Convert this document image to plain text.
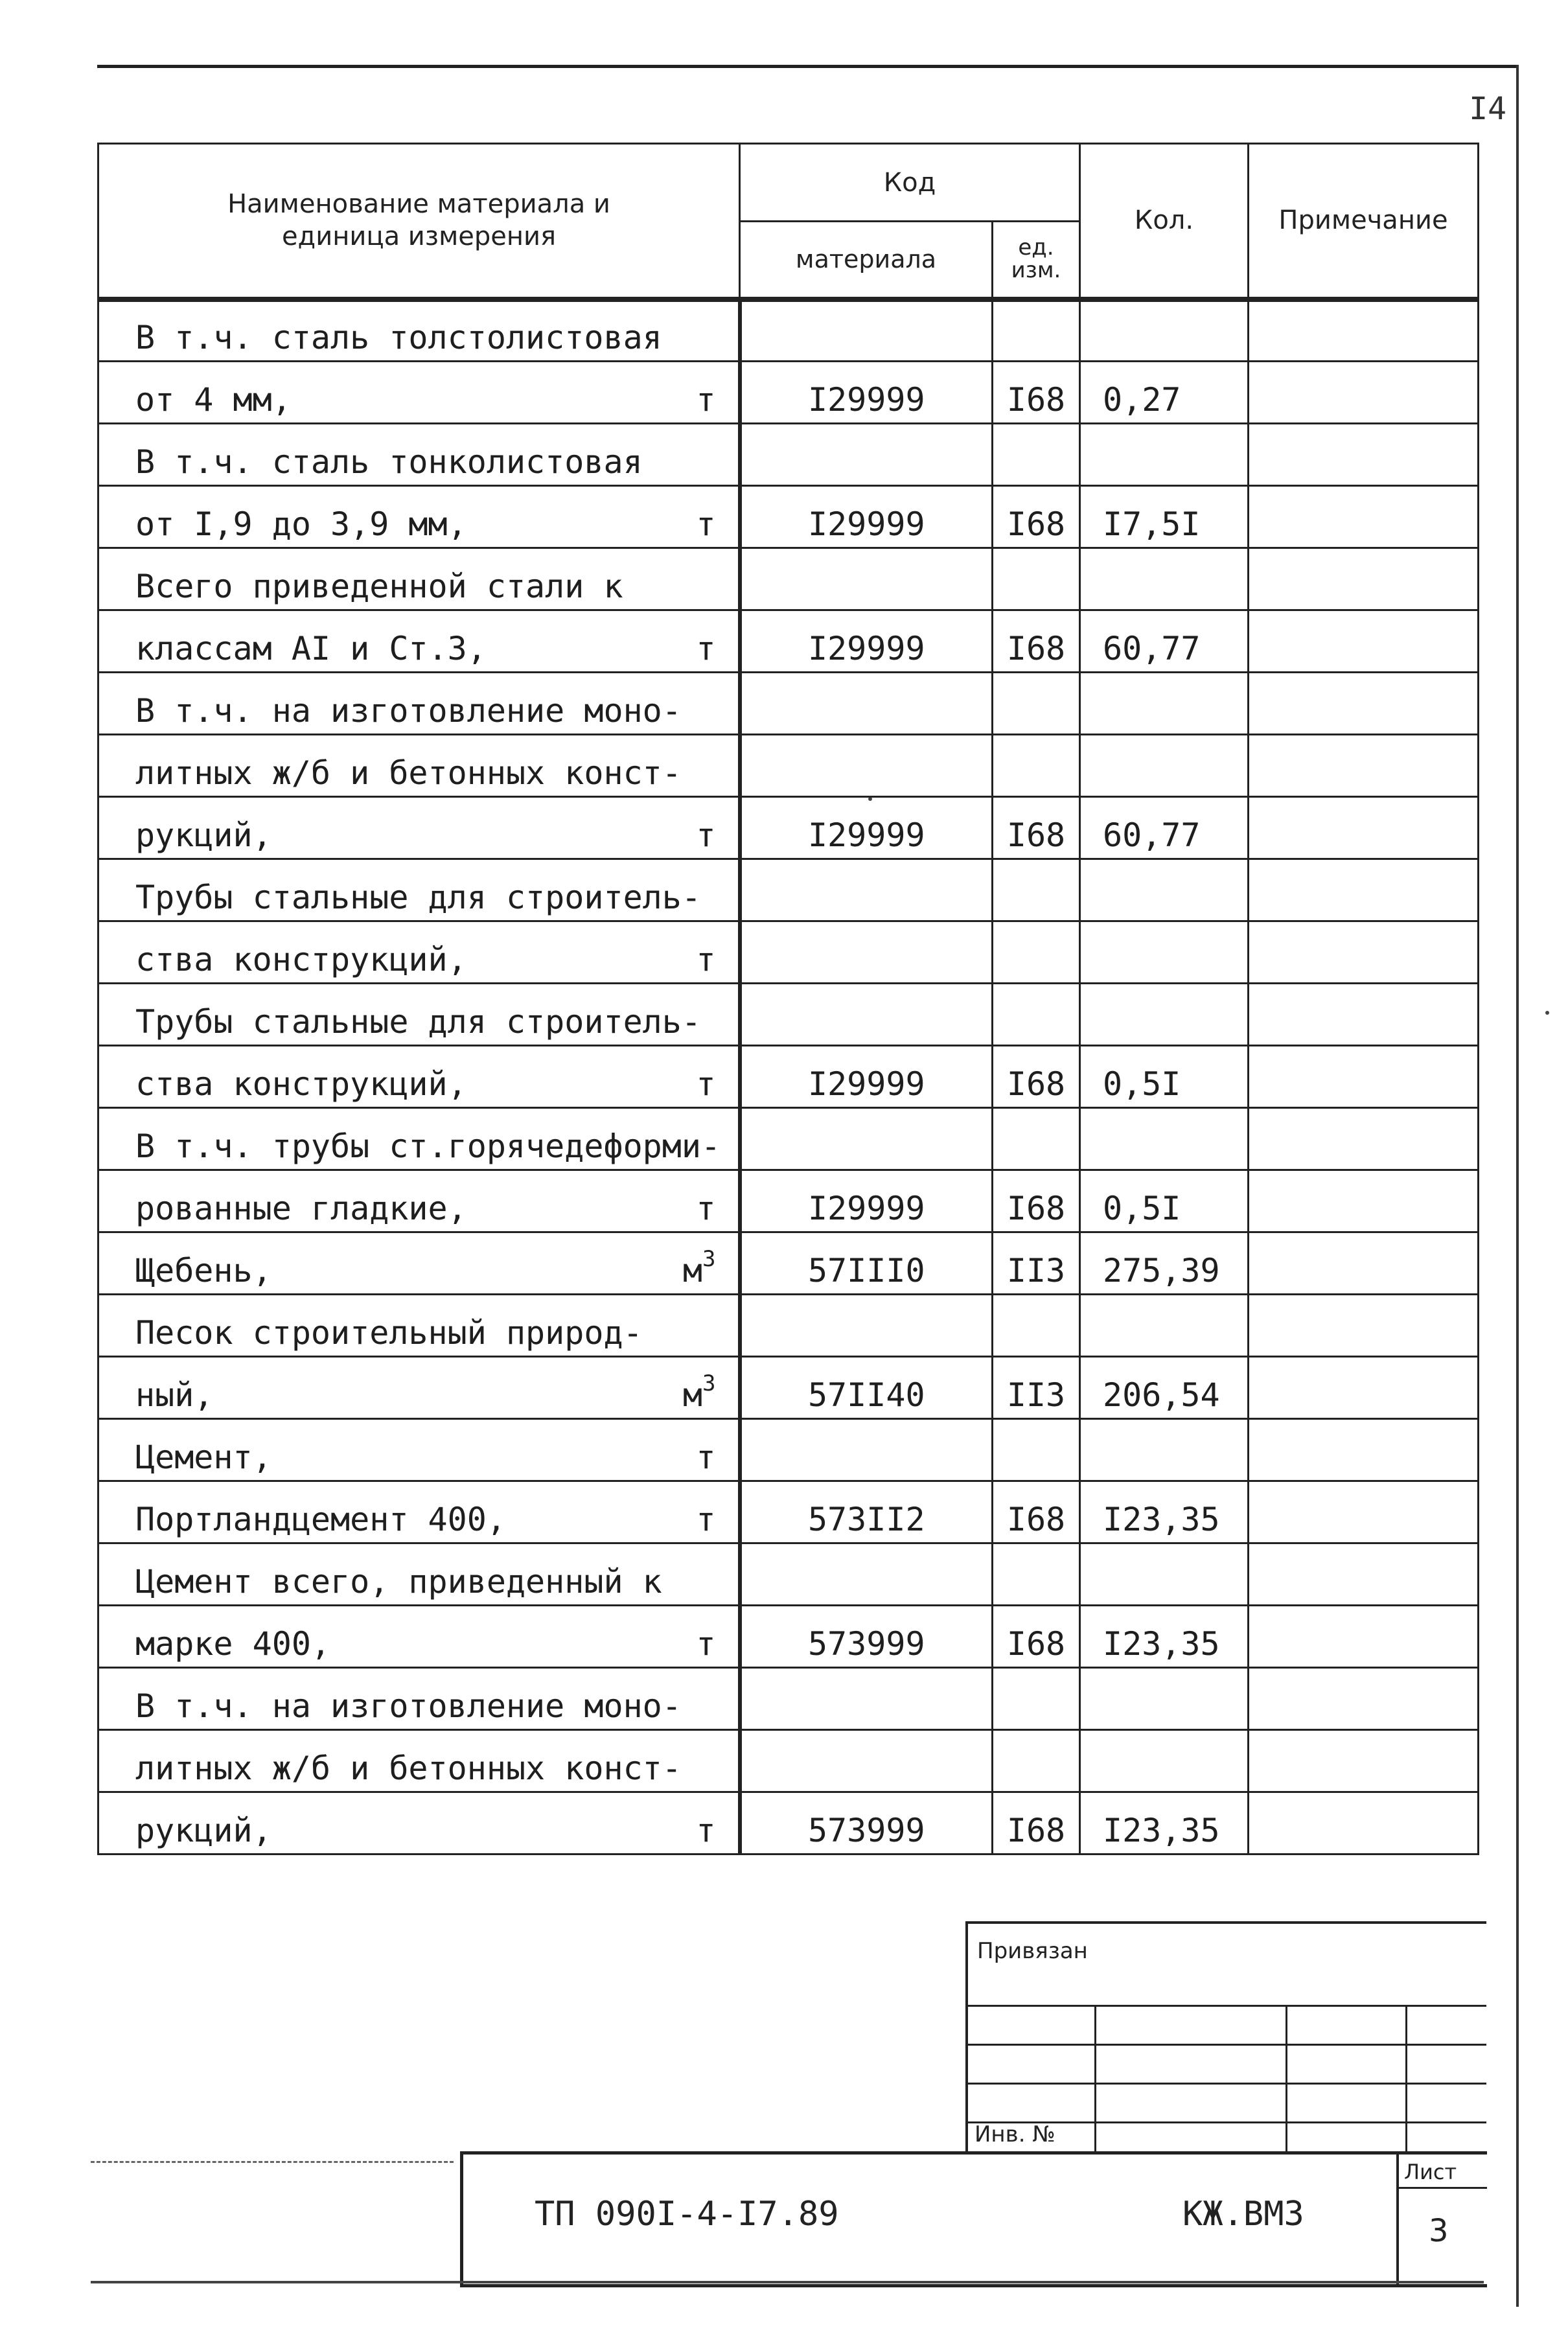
I4
Наименование материала и единица измерения	Код		Кол.	Примечание
	материала	ед. изм.		
В т.ч. сталь толстолистовая				
от 4 мм, т	I29999	I68	0,27	
В т.ч. сталь тонколистовая				
от I,9 до 3,9 мм, т	I29999	I68	I7,5I	
Всего приведенной стали к				
классам AI и Ст.3, т	I29999	I68	60,77	
В т.ч. на изготовление моно-				
литных ж/б и бетонных конст-				
рукций, т	I29999	I68	60,77	
Трубы стальные для строитель-				
ства конструкций, т				

Трубы стальные для строитель-				
ства конструкций, т	I29999	I68	0,5I	
В т.ч. трубы ст.горячедеформи-				
рованные гладкие, т	I29999	I68	0,5I	
Щебень, $м^3$	57III0	II3	275,39	
Песок строительный природ-				
ный, $м^3$	57II40	II3	206,54	
Цемент, т				

Портландцемент 400, т	573II2	I68	I23,35	
Цемент всего, приведенный к				
марке 400, т	573999	I68	I23,35	
В т.ч. на изготовление моно-				
литных ж/б и бетонных конст-				
рукций, т	573999	I68	I23,35	
Привязан
Инв. №
ТП 090I-4-I7.89	КЖ.ВМ3
Лист
3
